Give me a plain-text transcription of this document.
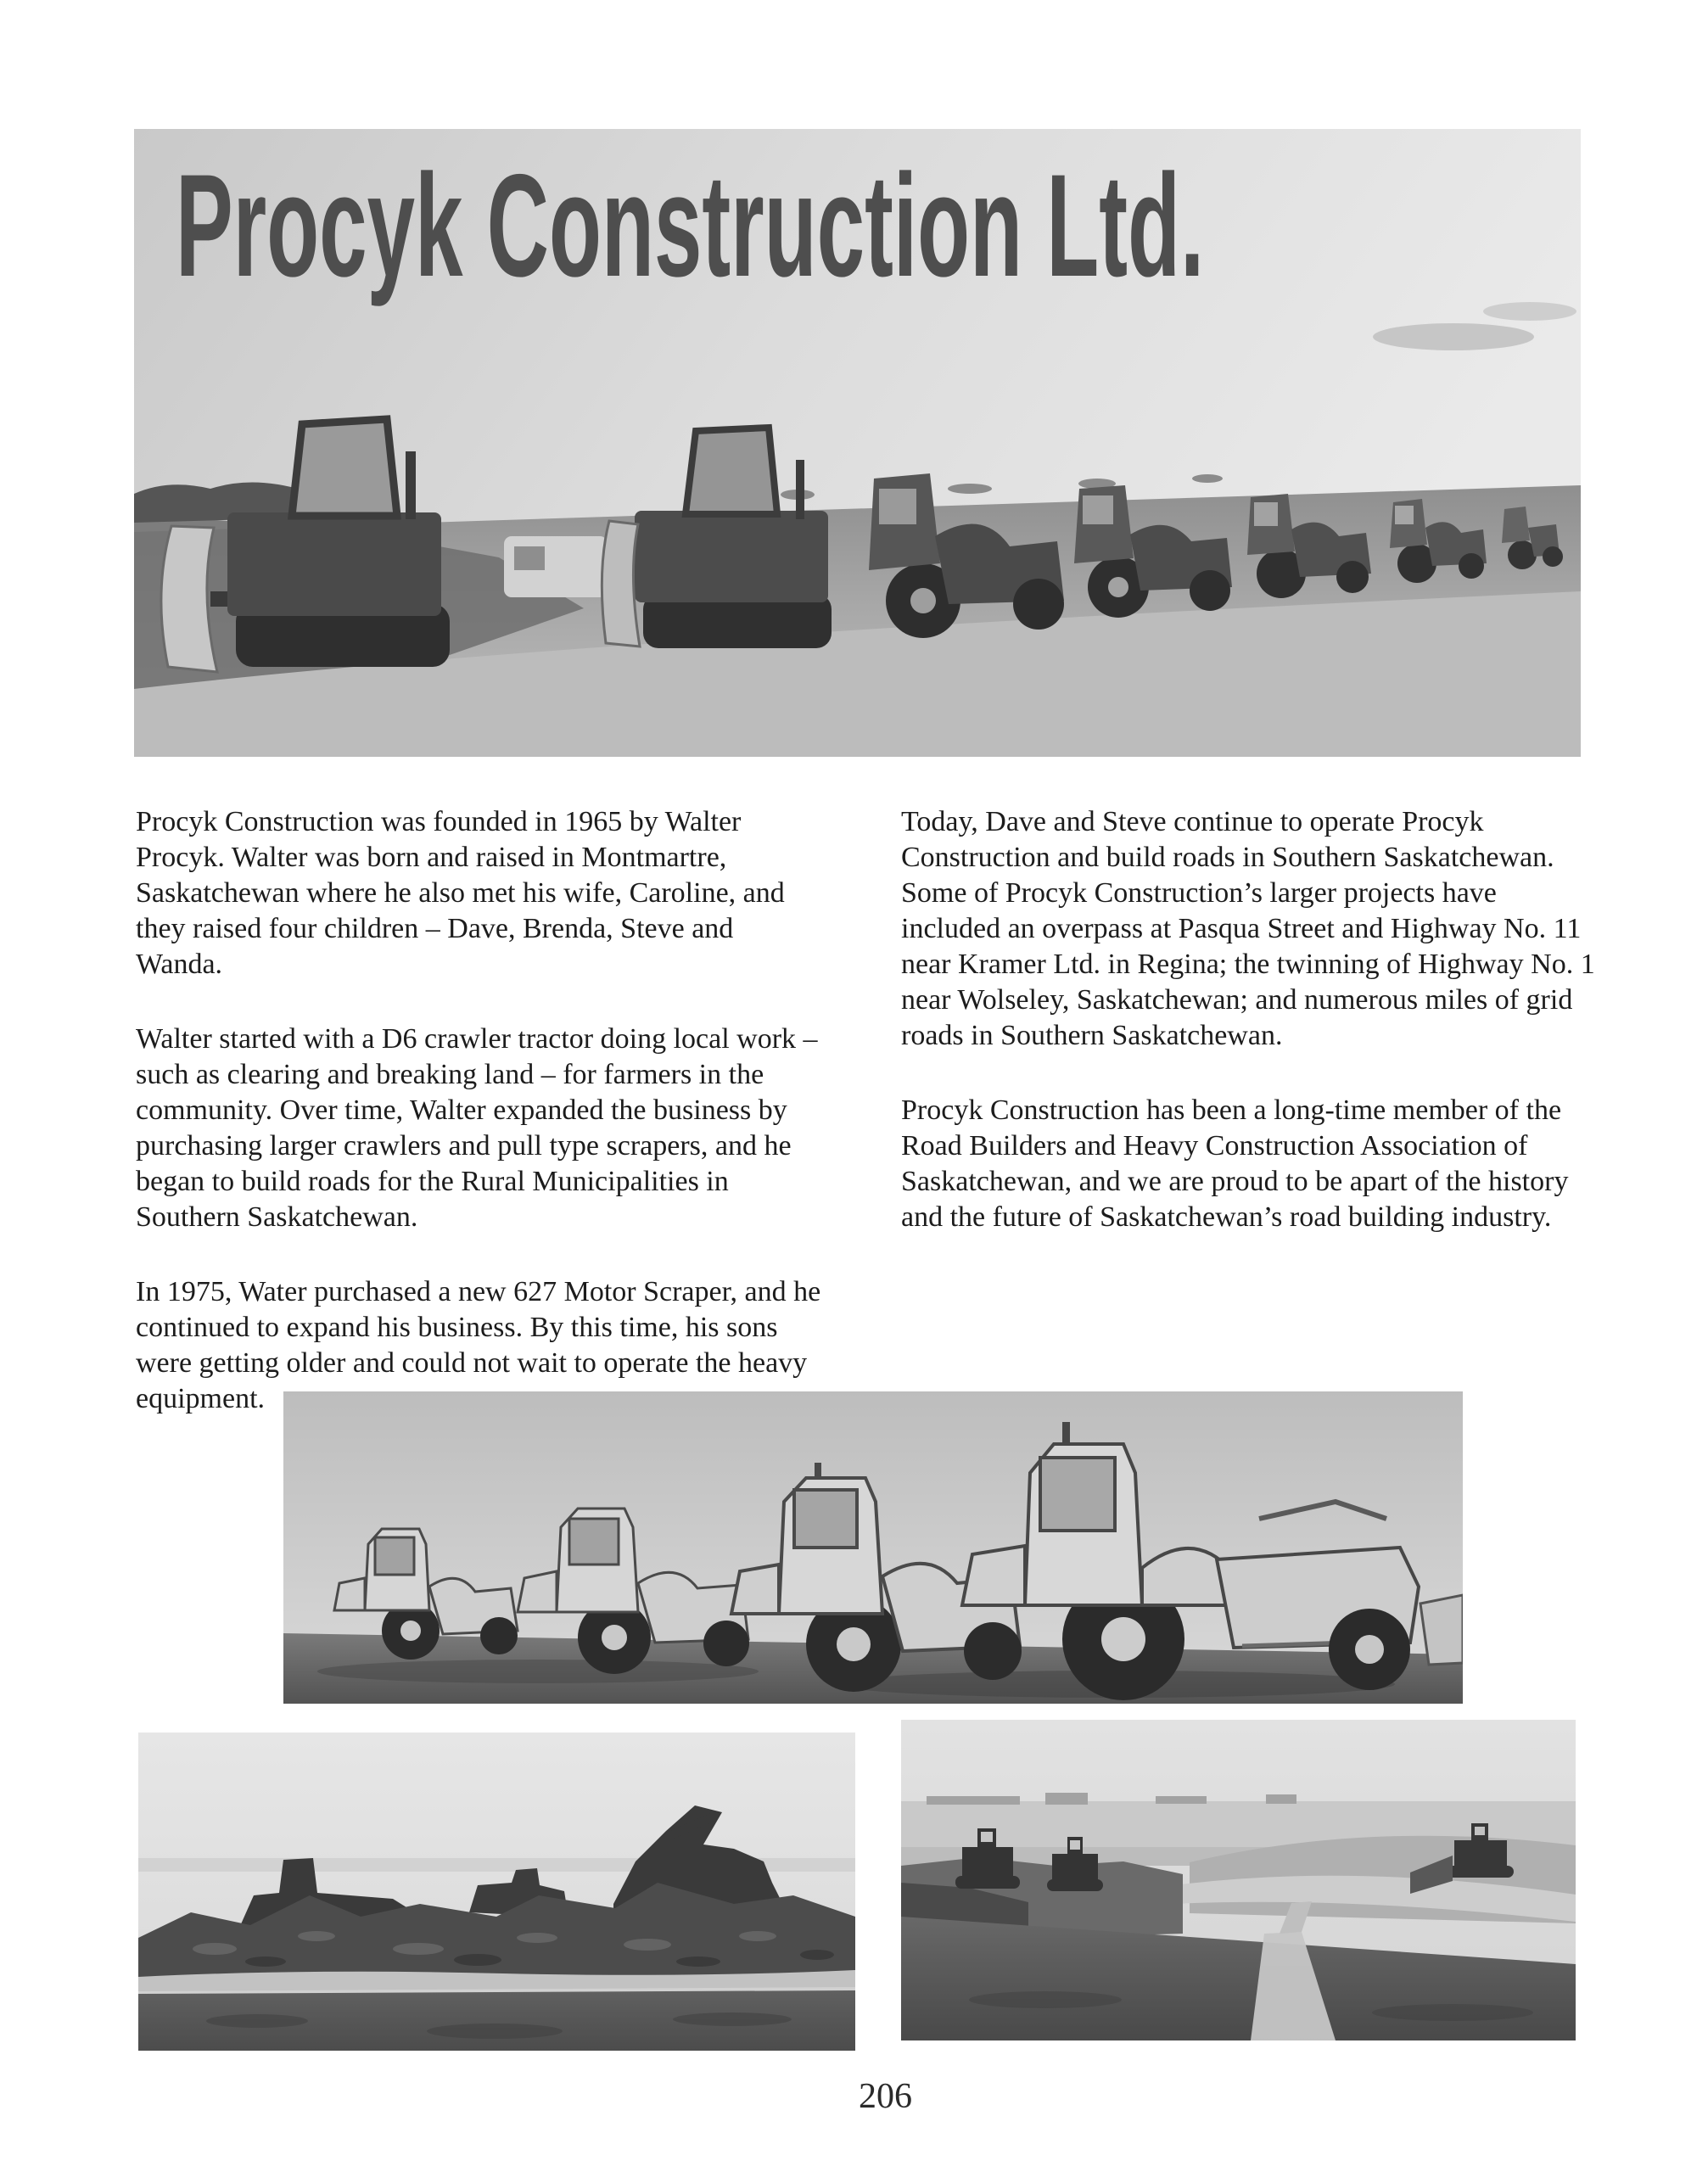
Procyk Construction Ltd.

Procyk Construction was founded in 1965 by Walter Procyk. Walter was born and raised in Montmartre, Saskatchewan where he also met his wife, Caroline, and they raised four children – Dave, Brenda, Steve and Wanda.

Walter started with a D6 crawler tractor doing local work – such as clearing and breaking land – for farmers in the community. Over time, Walter expanded the business by purchasing larger crawlers and pull type scrapers, and he began to build roads for the Rural Municipalities in Southern Saskatchewan.

In 1975, Water purchased a new 627 Motor Scraper, and he continued to expand his business. By this time, his sons were getting older and could not wait to operate the heavy equipment.

Today, Dave and Steve continue to operate Procyk Construction and build roads in Southern Saskatchewan. Some of Procyk Construction’s larger projects have included an overpass at Pasqua Street and Highway No. 11 near Kramer Ltd. in Regina; the twinning of Highway No. 1 near Wolseley, Saskatchewan; and numerous miles of grid roads in Southern Saskatchewan.

Procyk Construction has been a long-time member of the Road Builders and Heavy Construction Association of Saskatchewan, and we are proud to be apart of the history and the future of Saskatchewan’s road building industry.

206
